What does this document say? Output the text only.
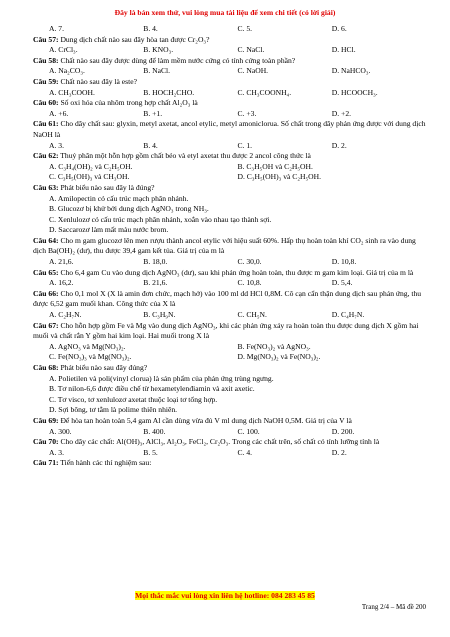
Đây là bản xem thử, vui lòng mua tài liệu để xem chi tiết (có lời giải)
A. 7.	B. 4.	C. 5.	D. 6.

Câu 57: Dung dịch chất nào sau đây hòa tan được Cr₂O₃?

A. CrCl₃.	B. KNO₃.	C. NaCl.	D. HCl.

Câu 58: Chất nào sau đây được dùng để làm mềm nước cứng có tính cứng toàn phần?

A. Na₂CO₃.	B. NaCl.	C. NaOH.	D. NaHCO₃.

Câu 59: Chất nào sau đây là este?

A. CH₃COOH.	B. HOCH₂CHO.	C. CH₃COONH₄.	D. HCOOCH₃.

Câu 60: Số oxi hóa của nhôm trong hợp chất Al₂O₃ là

A. +6.	B. +1.	C. +3.	D. +2.

Câu 61: Cho dãy chất sau: glyxin, metyl axetat, ancol etylic, metyl amoniclorua. Số chất trong dãy phản ứng được với dung dịch NaOH là

A. 3.	B. 4.	C. 1.	D. 2.

Câu 62: Thuỷ phân một hỗn hợp gồm chất béo và etyl axetat thu được 2 ancol công thức là

A. C₃H₄(OH)₂ và C₂H₅OH.	B. C₃H₅OH và C₂H₅OH.
C. C₃H₅(OH)₃ và CH₃OH.	D. C₃H₅(OH)₃ và C₂H₅OH.

Câu 63: Phát biểu nào sau đây là đúng?

A. Amilopectin có cấu trúc mạch phân nhánh.
B. Glucozơ bị khử bởi dung dịch AgNO₃ trong NH₃.
C. Xenlulozơ có cấu trúc mạch phân nhánh, xoắn vào nhau tạo thành sợi.
D. Saccarozơ làm mất màu nước brom.

Câu 64: Cho m gam glucozơ lên men rượu thành ancol etylic với hiệu suất 60%. Hấp thụ hoàn toàn khí CO₂ sinh ra vào dung dịch Ba(OH)₂ (dư), thu được 39,4 gam kết tủa. Giá trị của m là

A. 21,6.	B. 18,0.	C. 30,0.	D. 10,8.

Câu 65: Cho 6,4 gam Cu vào dung dịch AgNO₃ (dư), sau khi phản ứng hoàn toàn, thu được m gam kim loại. Giá trị của m là

A. 16,2.	B. 21,6.	C. 10,8.	D. 5,4.

Câu 66: Cho 0,1 mol X (X là amin đơn chức, mạch hở) vào 100 ml dd HCl 0,8M. Cô cạn cẩn thận dung dịch sau phản ứng, thu được 6,52 gam muối khan. Công thức của X là

A. C₂H₇N.	B. C₃H₉N.	C. CH₅N.	D. C₄H₇N.

Câu 67: Cho hỗn hợp gồm Fe và Mg vào dung dịch AgNO₃, khi các phản ứng xảy ra hoàn toàn thu được dung dịch X gồm hai muối và chất rắn Y gồm hai kim loại. Hai muối trong X là

A. AgNO₃ và Mg(NO₃)₂.	B. Fe(NO₃)₂ và AgNO₃.
C. Fe(NO₃)₃ và Mg(NO₃)₂.	D. Mg(NO₃)₂ và Fe(NO₃)₂.

Câu 68: Phát biểu nào sau đây đúng?

A. Polietilen và poli(vinyl clorua) là sản phẩm của phản ứng trùng ngưng.
B. Tơ nilon-6,6 được điều chế từ hexametylenđiamin và axit axetic.
C. Tơ visco, tơ xenlulozơ axetat thuộc loại tơ tổng hợp.
D. Sợi bông, tơ tằm là polime thiên nhiên.

Câu 69: Để hòa tan hoàn toàn 5,4 gam Al cần dùng vừa đủ V ml dung dịch NaOH 0,5M. Giá trị của V là

A. 300.	B. 400.	C. 100.	D. 200.

Câu 70: Cho dãy các chất: Al(OH)₃, AlCl₃, Al₂O₃, FeCl₂, Cr₂O₃. Trong các chất trên, số chất có tính lưỡng tính là

A. 3.	B. 5.	C. 4.	D. 2.

Câu 71: Tiến hành các thí nghiệm sau:

Mọi thắc mắc vui lòng xin liên hệ hotline: 084 283 45 85
Trang 2/4 – Mã đề 200
